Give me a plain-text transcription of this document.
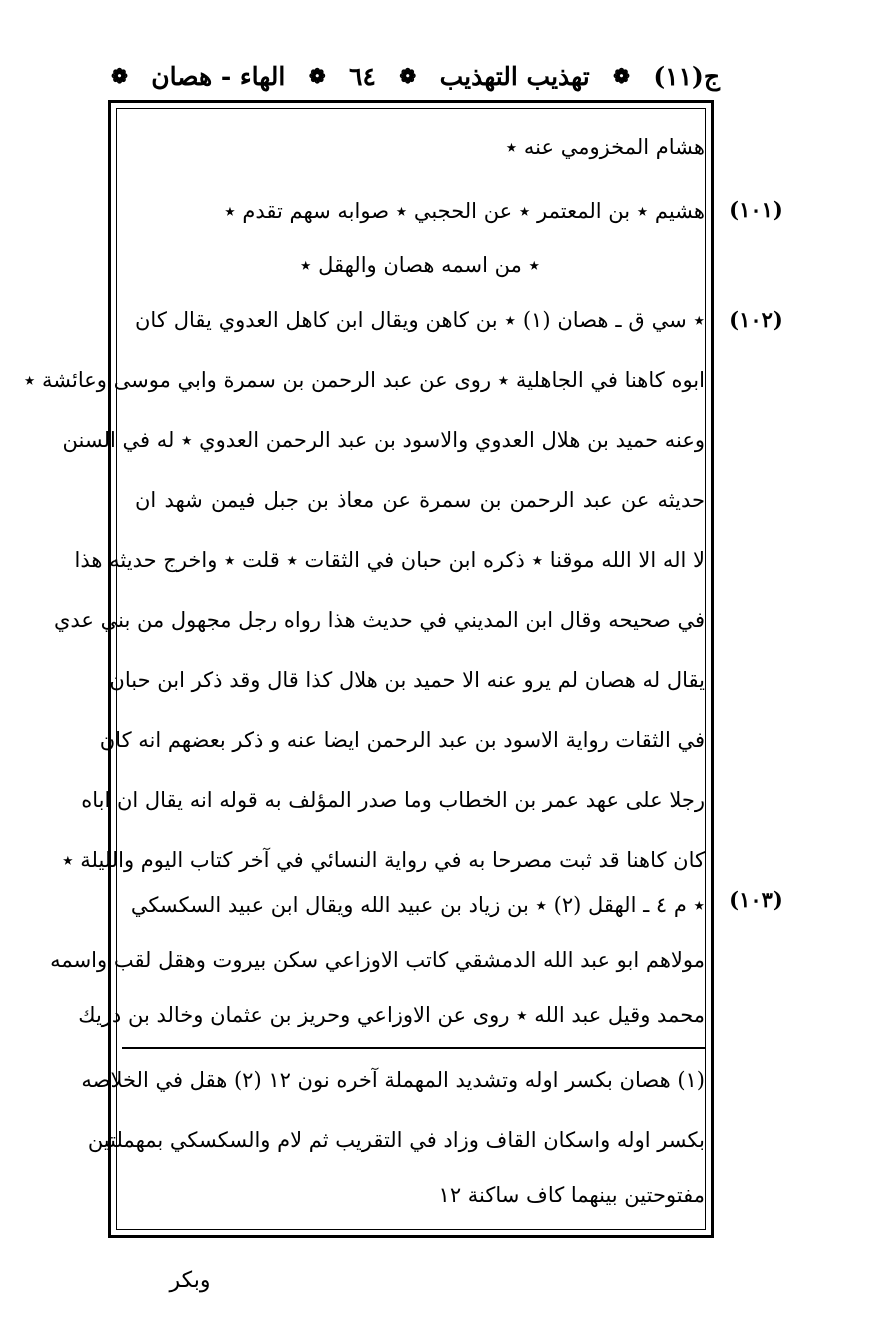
ج(١١)
❁
تهذيب التهذيب
❁
٦٤
❁
الهاء - هصان
❁
هشام المخزومي عنه ٭
هشيم ٭ بن المعتمر ٭ عن الحجبي ٭ صوابه سهم تقدم ٭
٭ من اسمه هصان والهقل ٭
٭ سي ق ـ هصان (١) ٭ بن كاهن ويقال ابن كاهل العدوي يقال كان
ابوه كاهنا في الجاهلية ٭ روى عن عبد الرحمن بن سمرة وابي موسى وعائشة ٭
وعنه حميد بن هلال العدوي والاسود بن عبد الرحمن العدوي ٭ له في السنن
حديثه عن عبد الرحمن بن سمرة عن معاذ بن جبل فيمن شهد ان
لا اله الا الله موقنا ٭ ذكره ابن حبان في الثقات ٭ قلت ٭ واخرج حديثه هذا
في صحيحه وقال ابن المديني في حديث هذا رواه رجل مجهول من بني عدي
يقال له هصان لم يرو عنه الا حميد بن هلال كذا قال وقد ذكر ابن حبان
في الثقات رواية الاسود بن عبد الرحمن ايضا عنه و ذكر بعضهم انه كان
رجلا على عهد عمر بن الخطاب وما صدر المؤلف به قوله انه يقال ان اباه
كان كاهنا قد ثبت مصرحا به في رواية النسائي في آخر كتاب اليوم والليلة ٭
٭ م ٤ ـ الهقل (٢) ٭ بن زياد بن عبيد الله ويقال ابن عبيد السكسكي
مولاهم ابو عبد الله الدمشقي كاتب الاوزاعي سكن بيروت وهقل لقب واسمه
محمد وقيل عبد الله ٭ روى عن الاوزاعي وحريز بن عثمان وخالد بن دريك
(١٠١)
(١٠٢)
(١٠٣)
(١) هصان بكسر اوله وتشديد المهملة آخره نون ١٢ (٢) هقل في الخلاصه
بكسر اوله واسكان القاف وزاد في التقريب ثم لام والسكسكي بمهملتين
مفتوحتين بينهما كاف ساكنة ١٢
وبكر
